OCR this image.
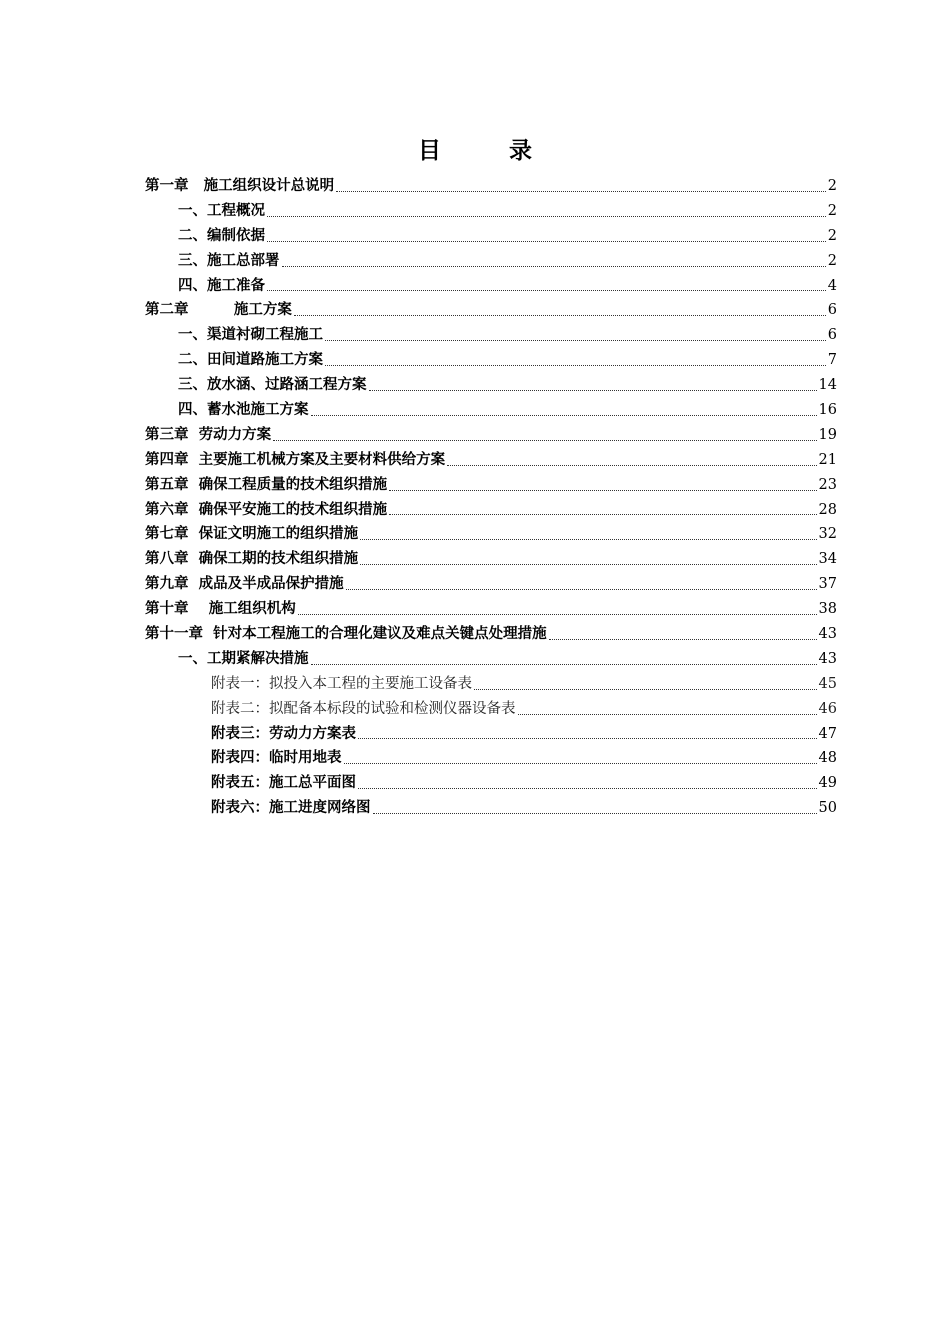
目 录
第一章   施工组织设计总说明	2
一、工程概况	2
二、编制依据	2
三、施工总部署	2
四、施工准备	4
第二章         施工方案	6
一、渠道衬砌工程施工	6
二、田间道路施工方案	7
三、放水涵、过路涵工程方案	14
四、蓄水池施工方案	16
第三章  劳动力方案	19
第四章  主要施工机械方案及主要材料供给方案	21
第五章  确保工程质量的技术组织措施	23
第六章  确保平安施工的技术组织措施	28
第七章  保证文明施工的组织措施	32
第八章  确保工期的技术组织措施	34
第九章  成品及半成品保护措施	37
第十章    施工组织机构	38
第十一章  针对本工程施工的合理化建议及难点关键点处理措施	43
一、工期紧解决措施	43
附表一：拟投入本工程的主要施工设备表	45
附表二：拟配备本标段的试验和检测仪器设备表	46
附表三：劳动力方案表	47
附表四：临时用地表	48
附表五：施工总平面图	49
附表六：施工进度网络图	50
